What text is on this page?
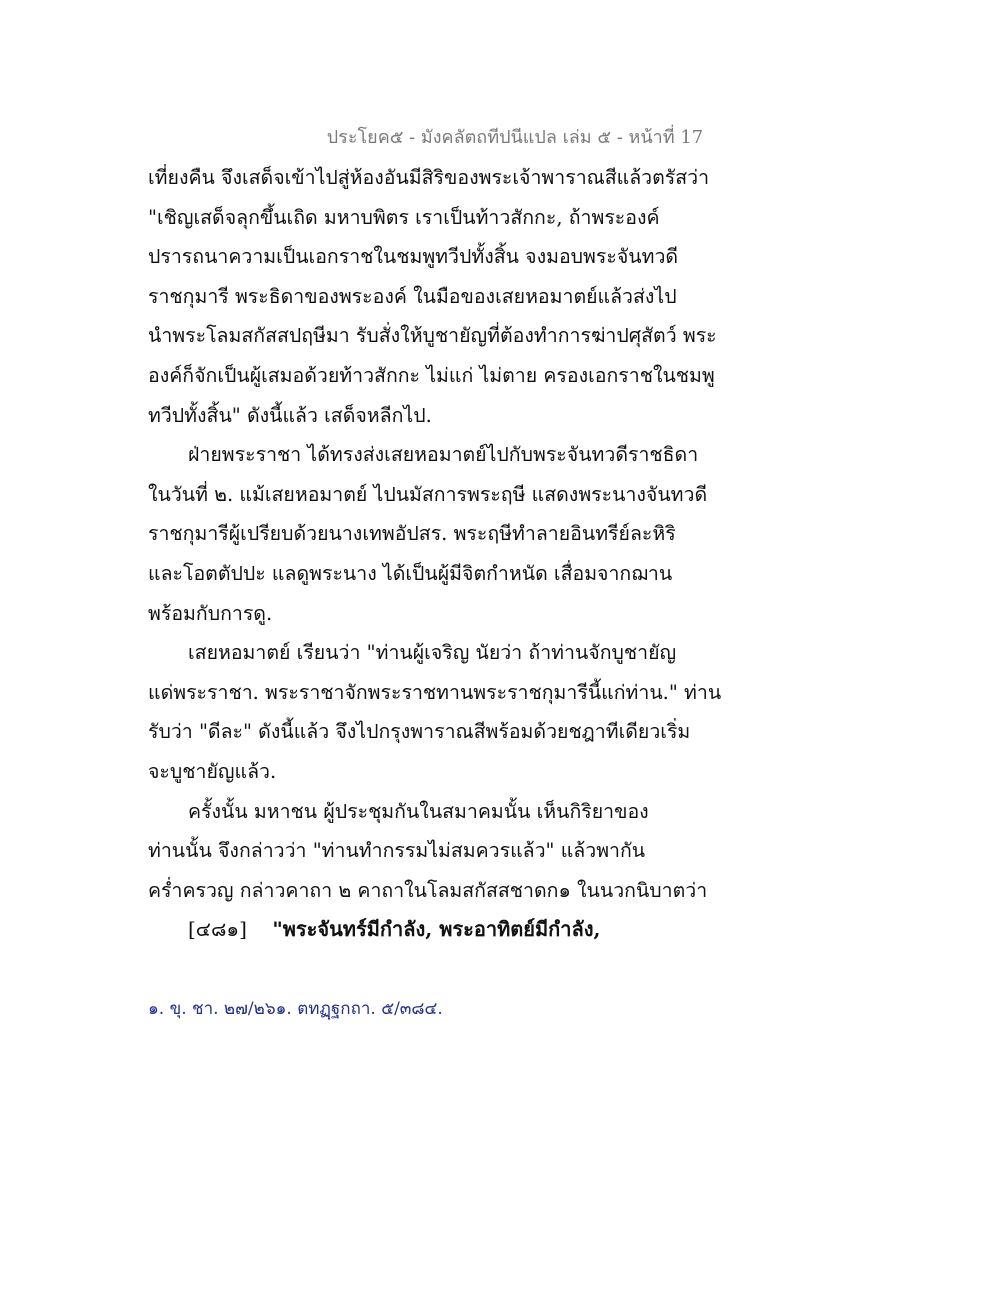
ประโยค๕ - มังคลัตถทีปนีแปล เล่ม ๕ - หน้าที่ 17
เที่ยงคืน จึงเสด็จเข้าไปสู่ห้องอันมีสิริของพระเจ้าพาราณสีแล้วตรัสว่า
"เชิญเสด็จลุกขึ้นเถิด มหาบพิตร เราเป็นท้าวสักกะ, ถ้าพระองค์
ปรารถนาความเป็นเอกราชในชมพูทวีปทั้งสิ้น จงมอบพระจันทวดี
ราชกุมารี พระธิดาของพระองค์ ในมือของเสยหอมาตย์แล้วส่งไป
นำพระโลมสกัสสปฤษีมา รับสั่งให้บูชายัญที่ต้องทำการฆ่าปศุสัตว์ พระ
องค์ก็จักเป็นผู้เสมอด้วยท้าวสักกะ ไม่แก่ ไม่ตาย ครองเอกราชในชมพู
ทวีปทั้งสิ้น" ดังนี้แล้ว เสด็จหลีกไป.
ฝ่ายพระราชา ได้ทรงส่งเสยหอมาตย์ไปกับพระจันทวดีราชธิดา
ในวันที่ ๒. แม้เสยหอมาตย์ ไปนมัสการพระฤษี แสดงพระนางจันทวดี
ราชกุมารีผู้เปรียบด้วยนางเทพอัปสร. พระฤษีทำลายอินทรีย์ละหิริ
และโอตตัปปะ แลดูพระนาง ได้เป็นผู้มีจิตกำหนัด เสื่อมจากฌาน
พร้อมกับการดู.
เสยหอมาตย์ เรียนว่า "ท่านผู้เจริญ นัยว่า ถ้าท่านจักบูชายัญ
แด่พระราชา. พระราชาจักพระราชทานพระราชกุมารีนี้แก่ท่าน." ท่าน
รับว่า "ดีละ" ดังนี้แล้ว จึงไปกรุงพาราณสีพร้อมด้วยชฎาทีเดียวเริ่ม
จะบูชายัญแล้ว.
ครั้งนั้น มหาชน ผู้ประชุมกันในสมาคมนั้น เห็นกิริยาของ
ท่านนั้น จึงกล่าวว่า "ท่านทำกรรมไม่สมควรแล้ว" แล้วพากัน
คร่ำครวญ กล่าวคาถา ๒ คาถาในโลมสกัสสชาดก๑ ในนวกนิบาตว่า
[๔๘๑] "พระจันทร์มีกำลัง, พระอาทิตย์มีกำลัง,
๑. ขุ. ชา. ๒๗/๒๖๑. ตทฏฺฐกถา. ๕/๓๘๔.
